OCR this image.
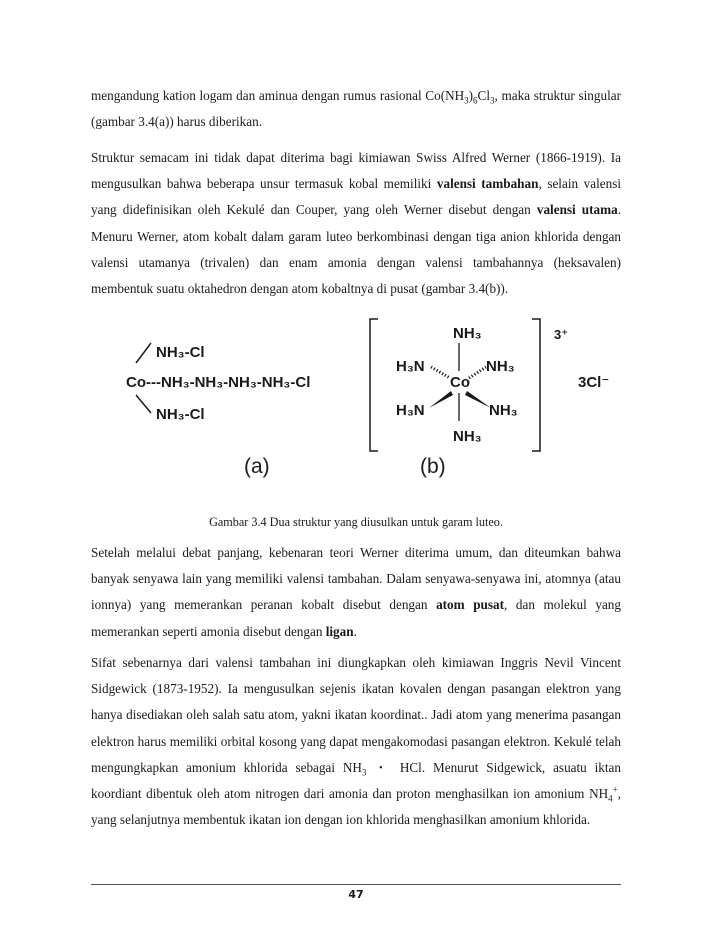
mengandung kation logam dan aminua dengan rumus rasional $Co(NH_3)_6Cl_3$, maka struktur singular (gambar 3.4(a)) harus diberikan.

Struktur semacam ini tidak dapat diterima bagi kimiawan Swiss Alfred Werner (1866-1919). Ia mengusulkan bahwa beberapa unsur termasuk kobal memiliki valensi tambahan, selain valensi yang didefinisikan oleh Kekulé dan Couper, yang oleh Werner disebut dengan valensi utama. Menuru Werner, atom kobalt dalam garam luteo berkombinasi dengan tiga anion khlorida dengan valensi utamanya (trivalen) dan enam amonia dengan valensi tambahannya (heksavalen) membentuk suatu oktahedron dengan atom kobaltnya di pusat (gambar 3.4(b)).

NH₃-Cl
Co---NH₃-NH₃-NH₃-NH₃-Cl
NH₃-Cl
(a)
3⁺
NH₃
H₃N	NH₃
Co
H₃N	NH₃
NH₃
3Cl⁻
(b)

Gambar 3.4 Dua struktur yang diusulkan untuk garam luteo.

Setelah melalui debat panjang, kebenaran teori Werner diterima umum, dan diteumkan bahwa banyak senyawa lain yang memiliki valensi tambahan. Dalam senyawa-senyawa ini, atomnya (atau ionnya) yang memerankan peranan kobalt disebut dengan atom pusat, dan molekul yang memerankan seperti amonia disebut dengan ligan.

Sifat sebenarnya dari valensi tambahan ini diungkapkan oleh kimiawan Inggris Nevil Vincent Sidgewick (1873-1952). Ia mengusulkan sejenis ikatan kovalen dengan pasangan elektron yang hanya disediakan oleh salah satu atom, yakni ikatan koordinat.. Jadi atom yang menerima pasangan elektron harus memiliki orbital kosong yang dapat mengakomodasi pasangan elektron. Kekulé telah mengungkapkan amonium khlorida sebagai $NH_3$ ・ HCl. Menurut Sidgewick, asuatu iktan koordiant dibentuk oleh atom nitrogen dari amonia dan proton menghasilkan ion amonium $NH_4^+$, yang selanjutnya membentuk ikatan ion dengan ion khlorida menghasilkan amonium khlorida.

47
